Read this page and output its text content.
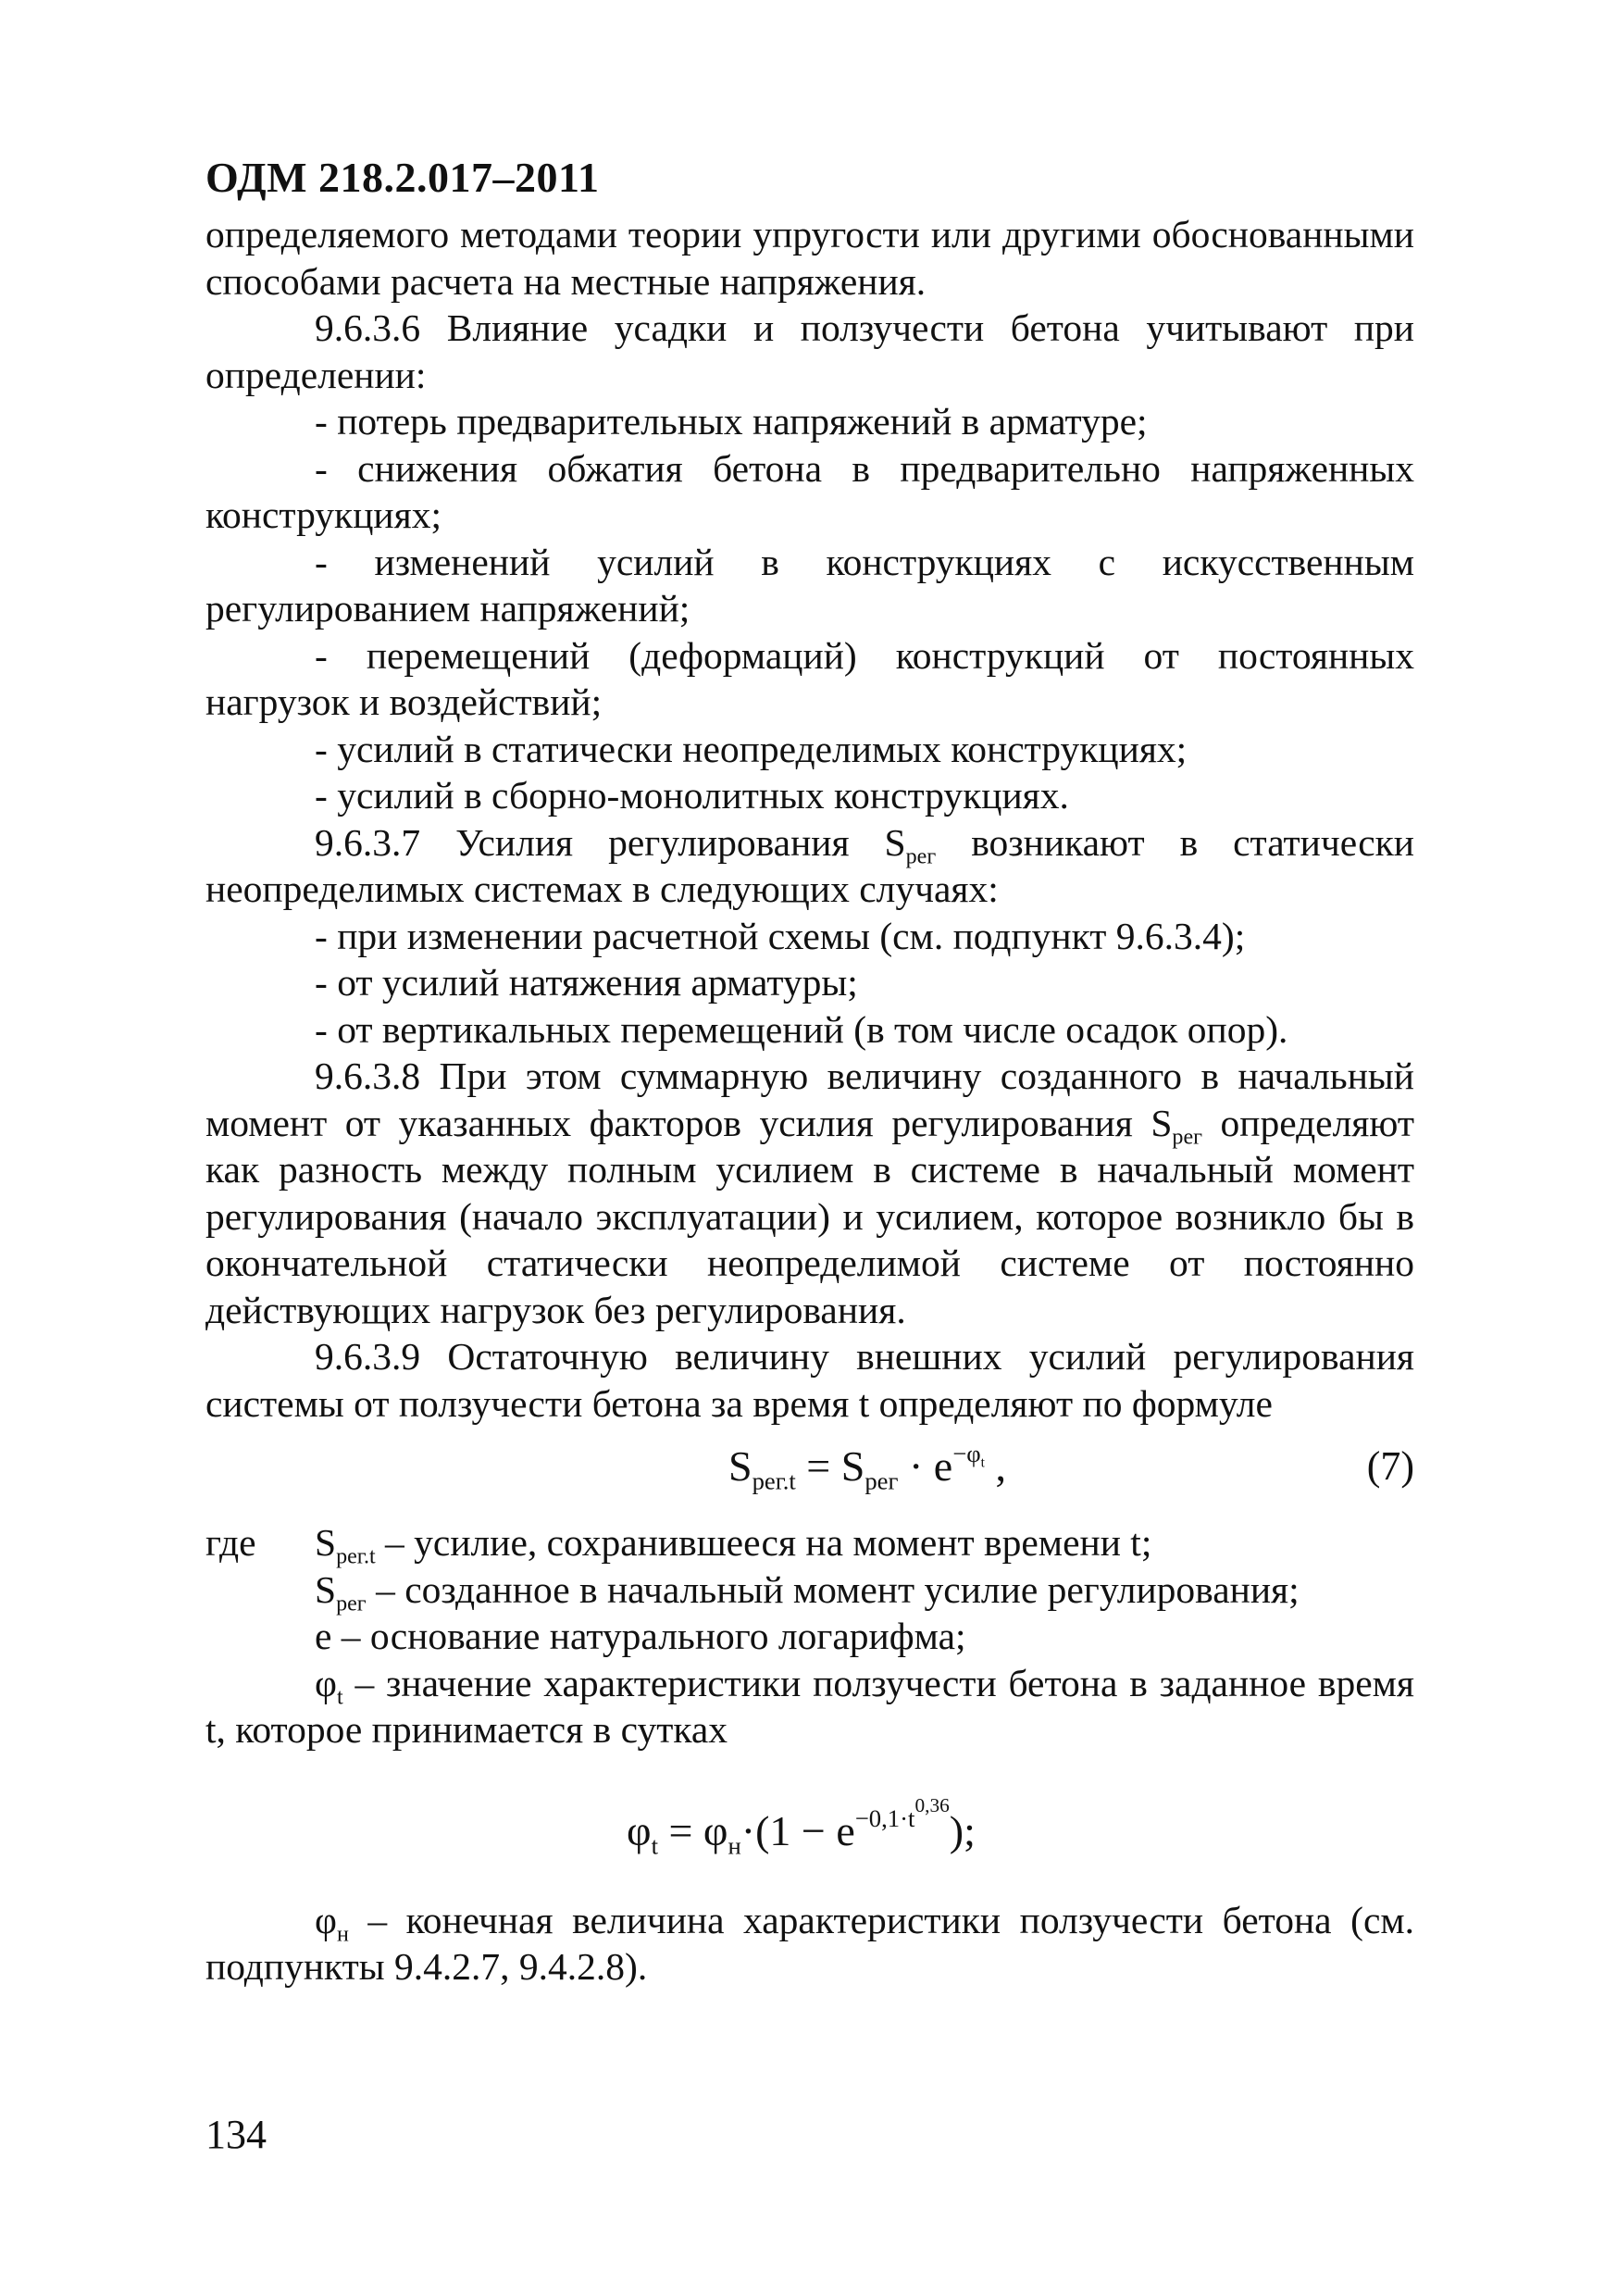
ОДМ 218.2.017–2011

определяемого методами теории упругости или другими обоснованными способами расчета на местные напряжения.

9.6.3.6 Влияние усадки и ползучести бетона учитывают при определении:

- потерь предварительных напряжений в арматуре;

- снижения обжатия бетона в предварительно напряженных конструкциях;

- изменений усилий в конструкциях с искусственным регулированием напряжений;

- перемещений (деформаций) конструкций от постоянных нагрузок и воздействий;

- усилий в статически неопределимых конструкциях;

- усилий в сборно-монолитных конструкциях.

9.6.3.7 Усилия регулирования $S_{рег}$ возникают в статически неопределимых системах в следующих случаях:

- при изменении расчетной схемы (см. подпункт 9.6.3.4);

- от усилий натяжения арматуры;

- от вертикальных перемещений (в том числе осадок опор).

9.6.3.8 При этом суммарную величину созданного в начальный момент от указанных факторов усилия регулирования $S_{рег}$ определяют как разность между полным усилием в системе в начальный момент регулирования (начало эксплуатации) и усилием, которое возникло бы в окончательной статически неопределимой системе от постоянно действующих нагрузок без регулирования.

9.6.3.9 Остаточную величину внешних усилий регулирования системы от ползучести бетона за время t определяют по формуле

$S_{рег.t} = S_{рег} \cdot e^{-\varphi_t}$ ,	(7)
где	$S_{рег.t}$ – усилие, сохранившееся на момент времени t;

$S_{рег}$ – созданное в начальный момент усилие регулирования;

e – основание натурального логарифма;

$\varphi_t$ – значение характеристики ползучести бетона в заданное время t, которое принимается в сутках

$\varphi_t = \varphi_н\cdot(1 - e^{-0,1\cdot t^{0,36}})$;

$\varphi_н$ – конечная величина характеристики ползучести бетона (см. подпункты 9.4.2.7, 9.4.2.8).

134
